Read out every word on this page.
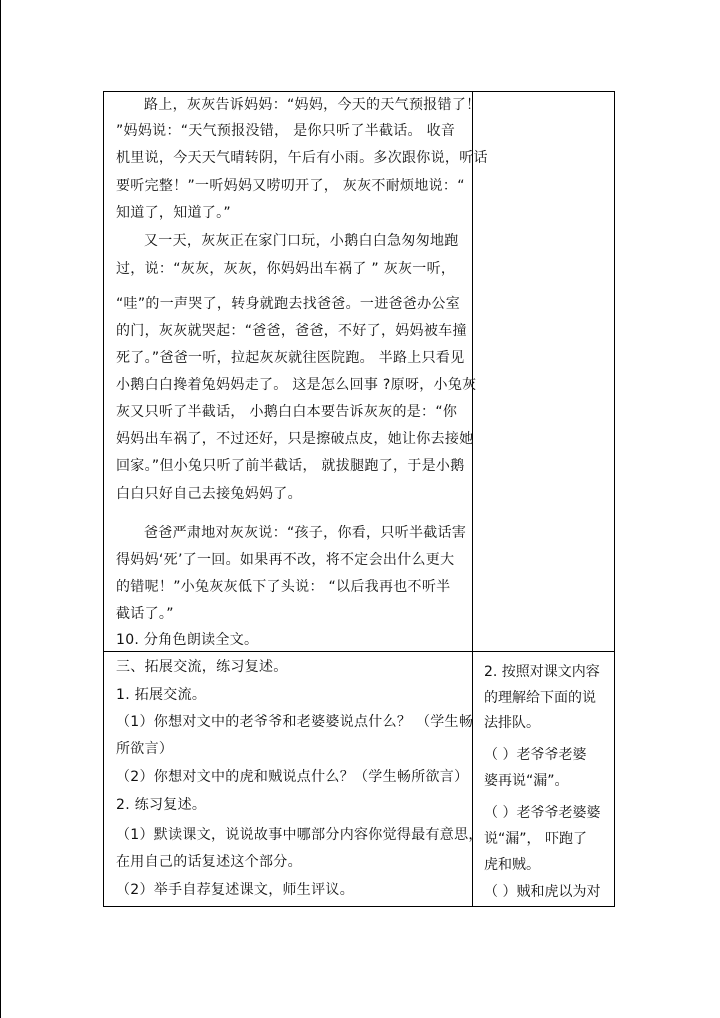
路上，灰灰告诉妈妈：“妈妈，今天的天气预报错了！
”妈妈说：“天气预报没错， 是你只听了半截话。 收音
机里说，今天天气晴转阴，午后有小雨。多次跟你说，听话
要听完整！”一听妈妈又唠叨开了， 灰灰不耐烦地说：“
知道了，知道了。”
又一天，灰灰正在家门口玩，小鹅白白急匆匆地跑
过，说：“灰灰，灰灰，你妈妈出车祸了 ” 灰灰一听，
“哇”的一声哭了，转身就跑去找爸爸。一进爸爸办公室
的门，灰灰就哭起：“爸爸，爸爸，不好了，妈妈被车撞
死了。”爸爸一听，拉起灰灰就往医院跑。 半路上只看见
小鹅白白搀着兔妈妈走了。 这是怎么回事 ?原呀，小兔灰
灰又只听了半截话， 小鹅白白本要告诉灰灰的是：“你
妈妈出车祸了，不过还好，只是擦破点皮，她让你去接她
回家。”但小兔只听了前半截话， 就拔腿跑了，于是小鹅
白白只好自己去接兔妈妈了。
爸爸严肃地对灰灰说：“孩子，你看，只听半截话害
得妈妈‘死’了一回。如果再不改，将不定会出什么更大
的错呢！”小兔灰灰低下了头说： “以后我再也不听半
截话了。”
10. 分角色朗读全文。
三、拓展交流，练习复述。
1. 拓展交流。
（1）你想对文中的老爷爷和老婆婆说点什么？ （学生畅
所欲言）
（2）你想对文中的虎和贼说点什么？（学生畅所欲言）
2. 练习复述。
（1）默读课文，说说故事中哪部分内容你觉得最有意思，
在用自己的话复述这个部分。
（2）举手自荐复述课文，师生评议。
2. 按照对课文内容
的理解给下面的说
法排队。
（ ）老爷爷老婆
婆再说“漏”。
（ ）老爷爷老婆婆
说“漏”， 吓跑了
虎和贼。
（ ）贼和虎以为对
